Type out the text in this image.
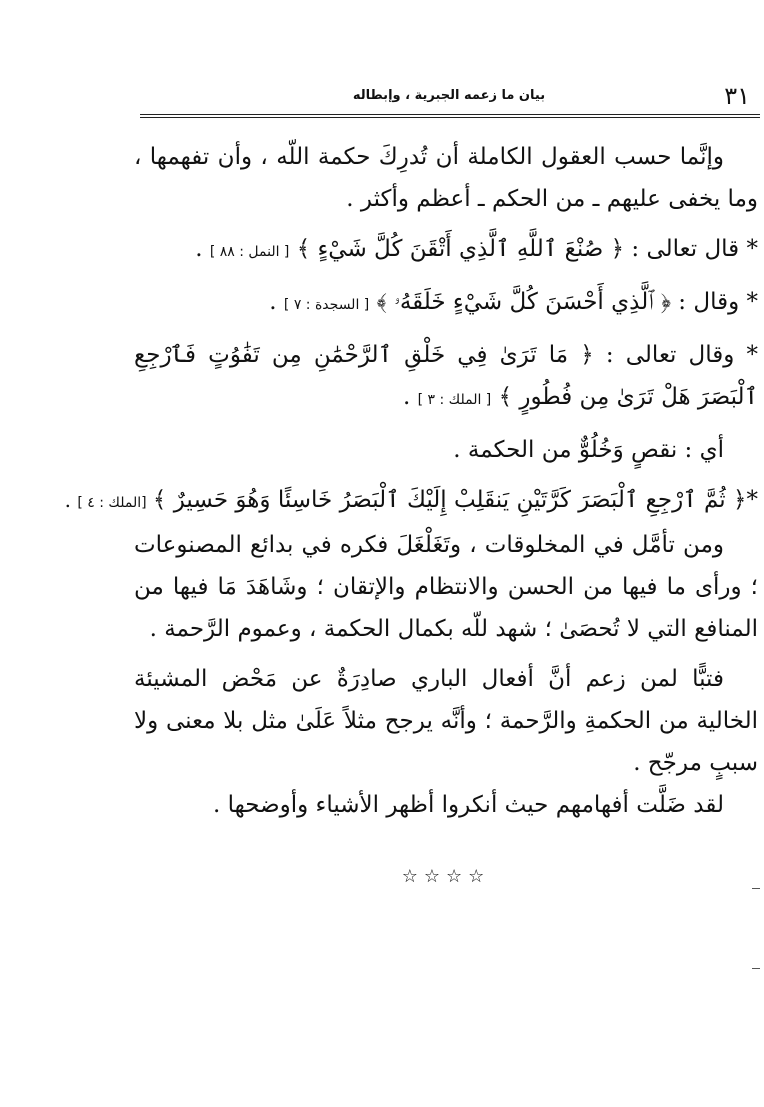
٣١
بيان ما زعمه الجبرية ، وإبطاله

وإنَّما حسب العقول الكاملة أن تُدرِكَ حكمة اللّه ، وأن تفهمها ، وما يخفى عليهم ـ من الحكم ـ أعظم وأكثر .

* قال تعالى : ﴿ صُنْعَ ٱللَّهِ ٱلَّذِي أَتْقَنَ كُلَّ شَيْءٍ ﴾ [ النمل : ٨٨ ] .

* وقال : ﴿ ٱلَّذِي أَحْسَنَ كُلَّ شَيْءٍ خَلَقَهُۥ ﴾ [ السجدة : ٧ ] .

* وقال تعالى : ﴿ مَا تَرَىٰ فِي خَلْقِ ٱلرَّحْمَٰنِ مِن تَفَٰوُتٍ فَٱرْجِعِ ٱلْبَصَرَ هَلْ تَرَىٰ مِن فُطُورٍ ﴾ [ الملك : ٣ ] .

أي : نقصٍ وَخُلُوٌّ من الحكمة .

*﴿ ثُمَّ ٱرْجِعِ ٱلْبَصَرَ كَرَّتَيْنِ يَنقَلِبْ إِلَيْكَ ٱلْبَصَرُ خَاسِئًا وَهُوَ حَسِيرٌ ﴾ [الملك : ٤ ] .

ومن تأمَّل في المخلوقات ، وتَغَلْغَلَ فكره في بدائع المصنوعات ؛ ورأى ما فيها من الحسن والانتظام والإتقان ؛ وشَاهَدَ مَا فيها من المنافع التي لا تُحصَىٰ ؛ شهد للّه بكمال الحكمة ، وعموم الرَّحمة .

فتبًّا لمن زعم أنَّ أفعال الباري صادِرَةٌ عن مَحْض المشيئة الخالية من الحكمةِ والرَّحمة ؛ وأنَّه يرجح مثلاً عَلَىٰ مثل بلا معنى ولا سببٍ مرجّح .

لقد ضَلَّت أفهامهم حيث أنكروا أظهر الأشياء وأوضحها .

☆☆☆☆
